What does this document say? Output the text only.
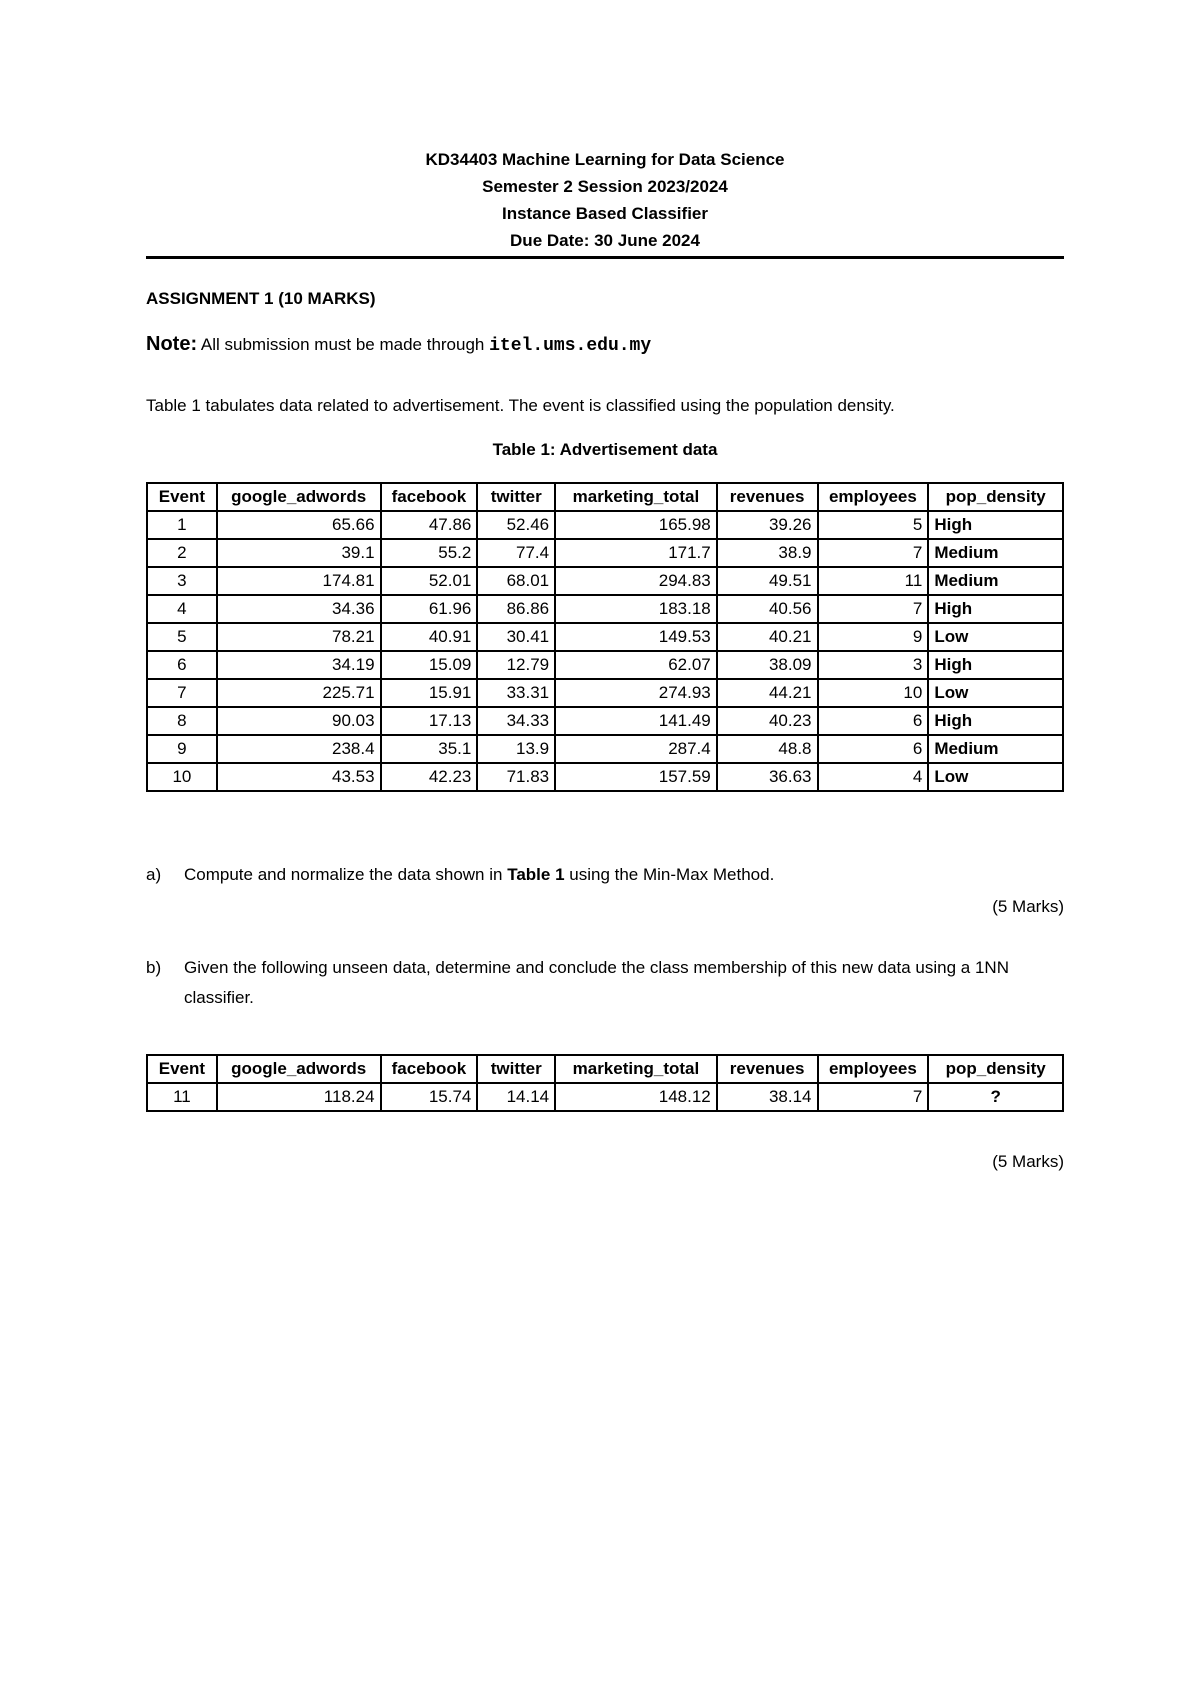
KD34403 Machine Learning for Data Science
Semester 2 Session 2023/2024
Instance Based Classifier
Due Date: 30 June 2024
ASSIGNMENT 1 (10 MARKS)
Note: All submission must be made through itel.ums.edu.my
Table 1 tabulates data related to advertisement. The event is classified using the population density.
Table 1: Advertisement data
Event	google_adwords	facebook	twitter	marketing_total	revenues	employees	pop_density
1	65.66	47.86	52.46	165.98	39.26	5	High
2	39.1	55.2	77.4	171.7	38.9	7	Medium
3	174.81	52.01	68.01	294.83	49.51	11	Medium
4	34.36	61.96	86.86	183.18	40.56	7	High
5	78.21	40.91	30.41	149.53	40.21	9	Low
6	34.19	15.09	12.79	62.07	38.09	3	High
7	225.71	15.91	33.31	274.93	44.21	10	Low
8	90.03	17.13	34.33	141.49	40.23	6	High
9	238.4	35.1	13.9	287.4	48.8	6	Medium
10	43.53	42.23	71.83	157.59	36.63	4	Low
a) Compute and normalize the data shown in Table 1 using the Min-Max Method.
(5 Marks)
b) Given the following unseen data, determine and conclude the class membership of this new data using a 1NN classifier.
Event	google_adwords	facebook	twitter	marketing_total	revenues	employees	pop_density
11	118.24	15.74	14.14	148.12	38.14	7	?
(5 Marks)
